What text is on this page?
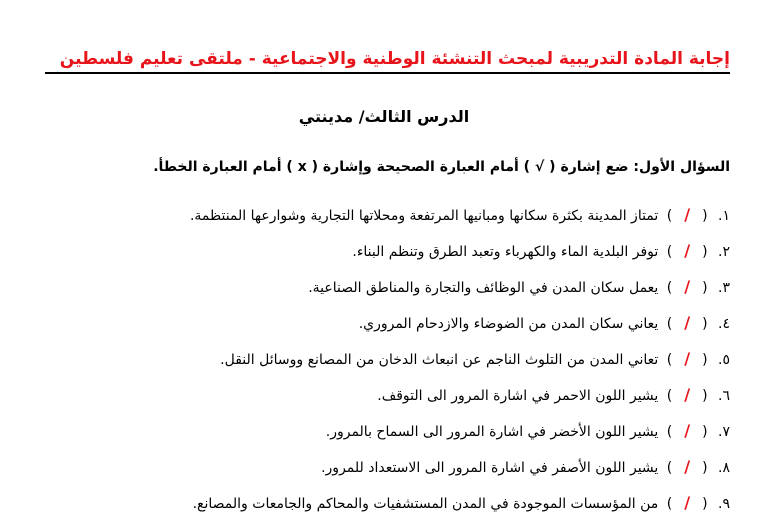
إجابة المادة التدريبية لمبحث التنشئة الوطنية والاجتماعية - ملتقى تعليم فلسطين
الدرس الثالث/ مدينتي
السؤال الأول: ضع إشارة ( √ ) أمام العبارة الصحيحة وإشارة ( x ) أمام العبارة الخطأ.
١. (/) تمتاز المدينة بكثرة سكانها ومبانيها المرتفعة ومحلاتها التجارية وشوارعها المنتظمة.
٢. (/) توفر البلدية الماء والكهرباء وتعبد الطرق وتنظم البناء.
٣. (/) يعمل سكان المدن في الوظائف والتجارة والمناطق الصناعية.
٤. (/) يعاني سكان المدن من الضوضاء والازدحام المروري.
٥. (/) تعاني المدن من التلوث الناجم عن انبعاث الدخان من المصانع ووسائل النقل.
٦. (/) يشير اللون الاحمر في اشارة المرور الى التوقف.
٧. (/) يشير اللون الأخضر في اشارة المرور الى السماح بالمرور.
٨. (/) يشير اللون الأصفر في اشارة المرور الى الاستعداد للمرور.
٩. (/) من المؤسسات الموجودة في المدن المستشفيات والمحاكم والجامعات والمصانع.
